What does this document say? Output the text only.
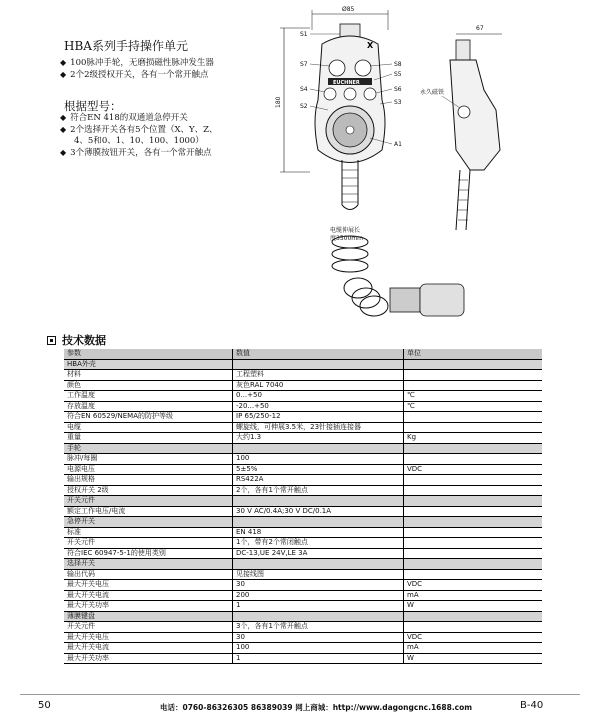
HBA系列手持操作单元
◆ 100脉冲手轮，无磨损磁性脉冲发生器
◆ 2个2级授权开关，各有一个常开触点
根据型号：
◆ 符合EN 418的双通道急停开关
◆ 2个选择开关各有5个位置（X、Y、Z、
4、5和0、1、10、100、1000）
◆ 3个薄膜按钮开关，各有一个常开触点
Ø85
180
EUCHNER
S1
S7
S4
S2
S8
S5
S6
S3
A1
X
电缆伸展长
度3500mm
67
永久磁铁
技术数据
参数	数值	单位
HBA外壳		
材料	工程塑料	
颜色	灰色RAL 7040	
工作温度	0...+50	℃
存放温度	-20...+50	℃
符合EN 60529/NEMA的防护等级	IP 65/250-12	
电缆	螺旋线，可伸展3.5米，23针接插连接器	
重量	大约1.3	Kg
手轮		
脉冲/每圈	100	
电源电压	5±5%	VDC
输出规格	RS422A	
授权开关 2级	2个，各有1个常开触点	
开关元件		
额定工作电压/电流	30 V AC/0.4A;30 V DC/0.1A	
急停开关		
标准	EN 418	
开关元件	1个，带有2个常闭触点	
符合IEC 60947-5-1的使用类别	DC-13,UE 24V,LE 3A	
选择开关		
输出代码	见接线图	
最大开关电压	30	VDC
最大开关电流	200	mA
最大开关功率	1	W
薄膜键盘		
开关元件	3个，各有1个常开触点	
最大开关电压	30	VDC
最大开关电流	100	mA
最大开关功率	1	W
50	电话：0760-86326305 86389039 网上商城：http://www.dagongcnc.1688.com	B-40
